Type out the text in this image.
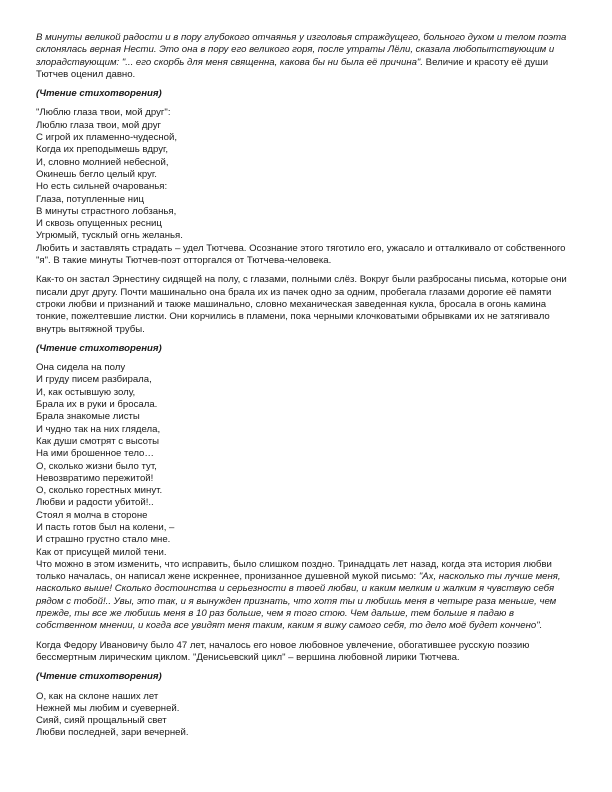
В минуты великой радости и в пору глубокого отчаянья у изголовья страждущего, больного духом и телом поэта склонялась верная Нести. Это она в пору его великого горя, после утраты Лёли, сказала любопытствующим и злорадствующим: "... его скорбь для меня священна, какова бы ни была её причина". Величие и красоту её души Тютчев оценил давно.

(Чтение стихотворения)

"Люблю глаза твои, мой друг":
Люблю глаза твои, мой друг
С игрой их пламенно-чудесной,
Когда их преподымешь вдруг,
И, словно молнией небесной,
Окинешь бегло целый круг.
Но есть сильней очарованья:
Глаза, потупленные ниц
В минуты страстного лобзанья,
И сквозь опущенных ресниц
Угрюмый, тусклый огнь желанья.

Любить и заставлять страдать – удел Тютчева. Осознание этого тяготило его, ужасало и отталкивало от собственного "я". В такие минуты Тютчев-поэт отторгался от Тютчева-человека.

Как-то он застал Эрнестину сидящей на полу, с глазами, полными слёз. Вокруг были разбросаны письма, которые они писали друг другу. Почти машинально она брала их из пачек одно за одним, пробегала глазами дорогие её памяти строки любви и признаний и также машинально, словно механическая заведенная кукла, бросала в огонь камина тонкие, пожелтевшие листки. Они корчились в пламени, пока черными клочковатыми обрывками их не затягивало внутрь вытяжной трубы.

(Чтение стихотворения)

Она сидела на полу
И груду писем разбирала,
И, как остывшую золу,
Брала их в руки и бросала.
Брала знакомые листы
И чудно так на них глядела,
Как души смотрят с высоты
На ими брошенное тело…
О, сколько жизни было тут,
Невозвратимо пережитой!
О, сколько горестных минут.
Любви и радости убитой!..
Стоял я молча в стороне
И пасть готов был на колени, –
И страшно грустно стало мне.
Как от присущей милой тени.

Что можно в этом изменить, что исправить, было слишком поздно. Тринадцать лет назад, когда эта история любви только началась, он написал жене искреннее, пронизанное душевной мукой письмо: "Ах, насколько ты лучше меня, насколько выше! Сколько достоинства и серьезности в твоей любви, и каким мелким и жалким я чувствую себя рядом с тобой!.. Увы, это так, и я вынужден признать, что хотя ты и любишь меня в четыре раза меньше, чем прежде, ты все же любишь меня в 10 раз больше, чем я того стою. Чем дальше, тем больше я падаю в собственном мнении, и когда все увидят меня таким, каким я вижу самого себя, то дело моё будет кончено".

Когда Федору Ивановичу было 47 лет, началось его новое любовное увлечение, обогатившее русскую поэзию бессмертным лирическим циклом. "Денисьевский цикл" – вершина любовной лирики Тютчева.

(Чтение стихотворения)

О, как на склоне наших лет
Нежней мы любим и суеверней.
Сияй, сияй прощальный свет
Любви последней, зари вечерней.
